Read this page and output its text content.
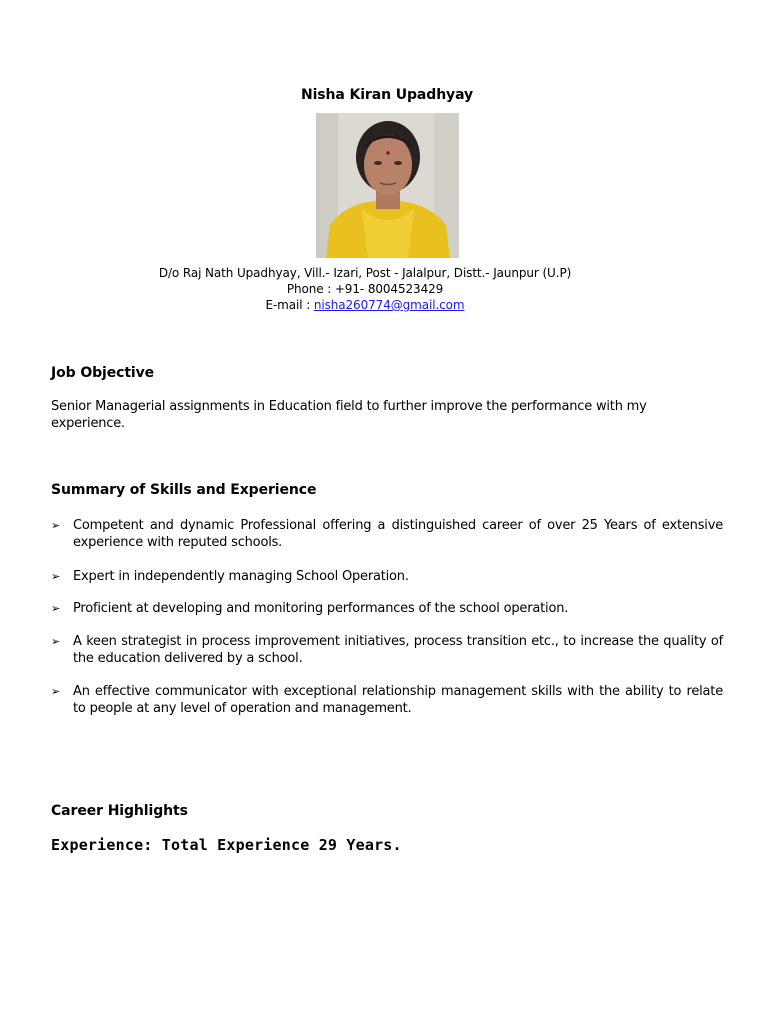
Nisha Kiran Upadhyay
D/o Raj Nath Upadhyay, Vill.- Izari, Post - Jalalpur, Distt.- Jaunpur (U.P)
Phone : +91- 8004523429
E-mail : nisha260774@gmail.com
Job Objective
Senior Managerial assignments in Education field to further improve the performance with my experience.
Summary of Skills and Experience
➢ Competent and dynamic Professional offering a distinguished career of over 25 Years of extensive experience with reputed schools.
➢ Expert in independently managing School Operation.
➢ Proficient at developing and monitoring performances of the school operation.
➢ A keen strategist in process improvement initiatives, process transition etc., to increase the quality of the education delivered by a school.
➢ An effective communicator with exceptional relationship management skills with the ability to relate to people at any level of operation and management.
Career Highlights
Experience: Total Experience 29 Years.
